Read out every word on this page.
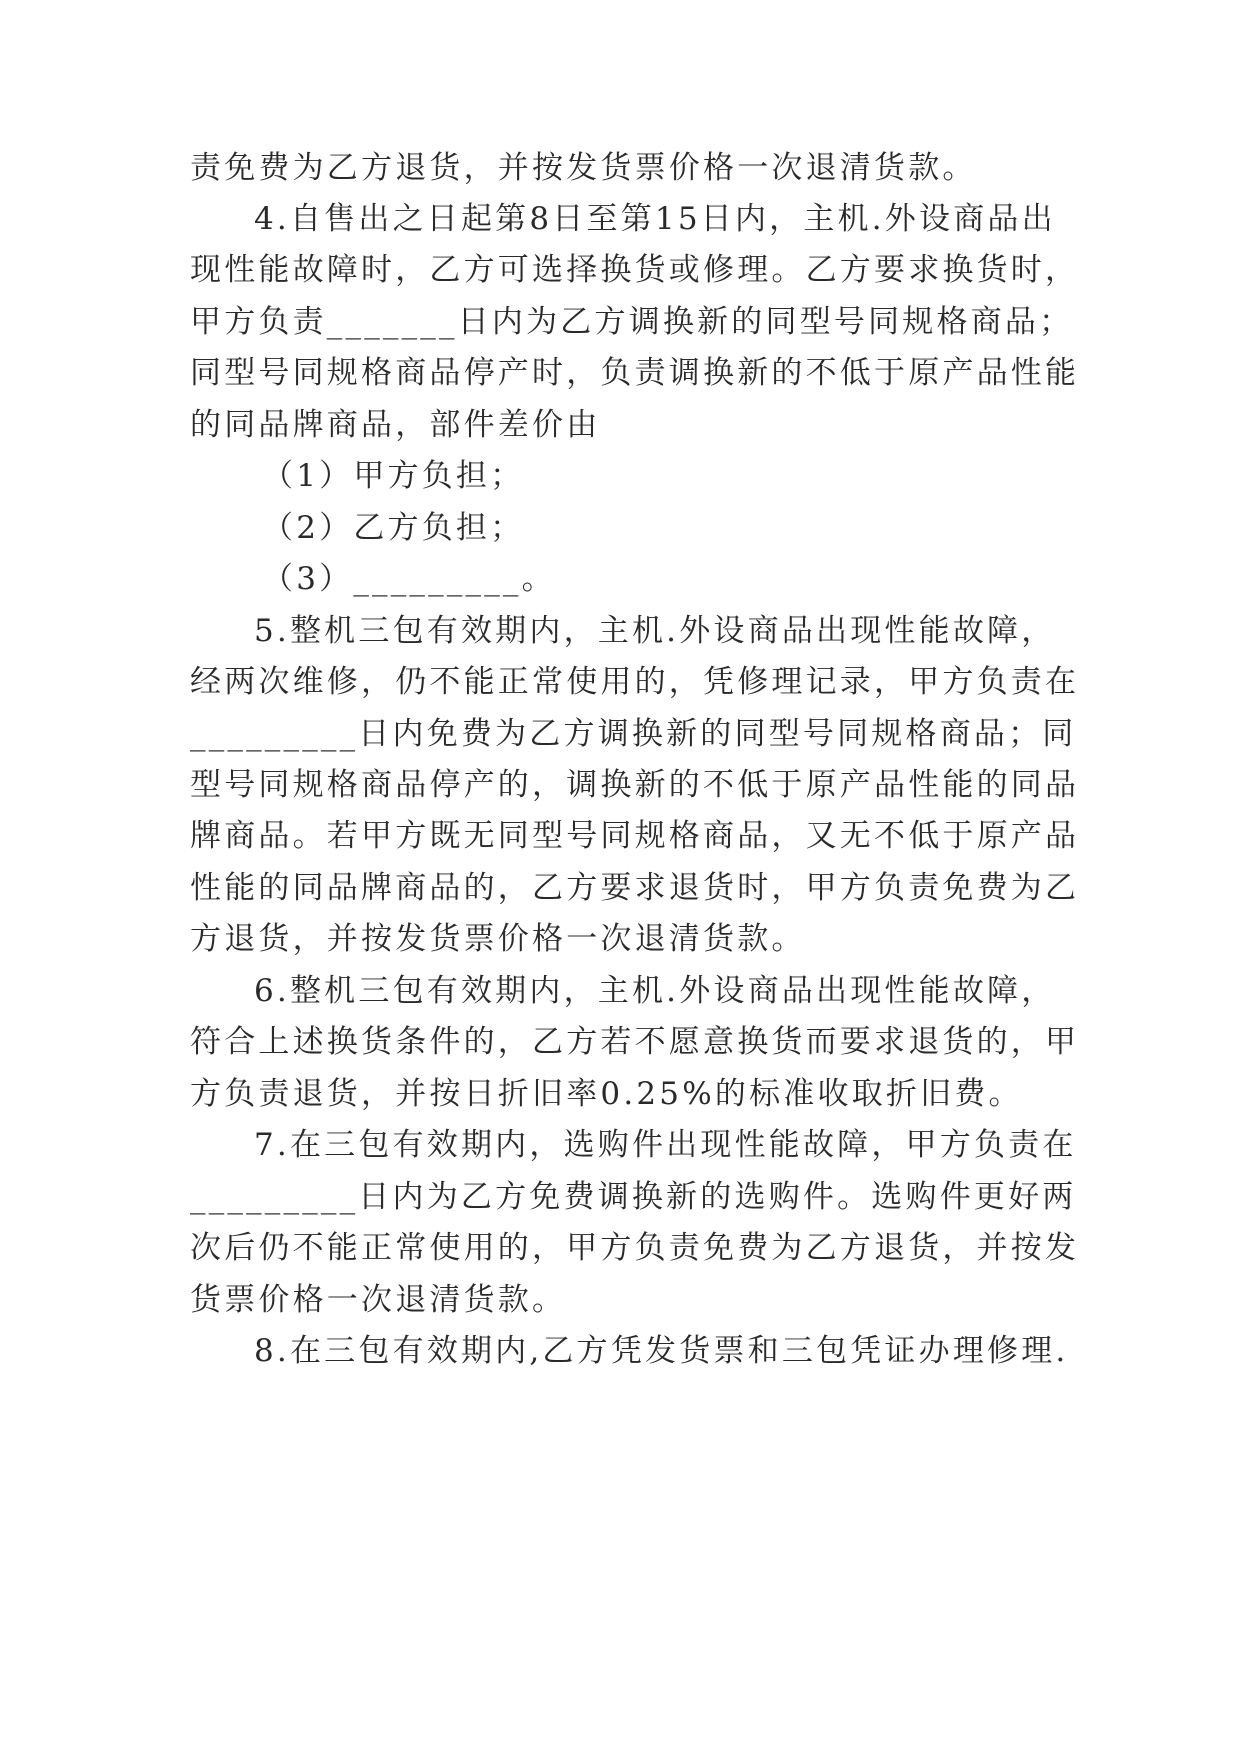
责免费为乙方退货，并按发货票价格一次退清货款。
4.自售出之日起第8日至第15日内，主机.外设商品出
现性能故障时，乙方可选择换货或修理。乙方要求换货时，
甲方负责_______日内为乙方调换新的同型号同规格商品；
同型号同规格商品停产时，负责调换新的不低于原产品性能
的同品牌商品，部件差价由
（1）甲方负担；
（2）乙方负担；
（3）_________。
5.整机三包有效期内，主机.外设商品出现性能故障，
经两次维修，仍不能正常使用的，凭修理记录，甲方负责在
_________日内免费为乙方调换新的同型号同规格商品；同
型号同规格商品停产的，调换新的不低于原产品性能的同品
牌商品。若甲方既无同型号同规格商品，又无不低于原产品
性能的同品牌商品的，乙方要求退货时，甲方负责免费为乙
方退货，并按发货票价格一次退清货款。
6.整机三包有效期内，主机.外设商品出现性能故障，
符合上述换货条件的，乙方若不愿意换货而要求退货的，甲
方负责退货，并按日折旧率0.25%的标准收取折旧费。
7.在三包有效期内，选购件出现性能故障，甲方负责在
_________日内为乙方免费调换新的选购件。选购件更好两
次后仍不能正常使用的，甲方负责免费为乙方退货，并按发
货票价格一次退清货款。
8.在三包有效期内,乙方凭发货票和三包凭证办理修理.
